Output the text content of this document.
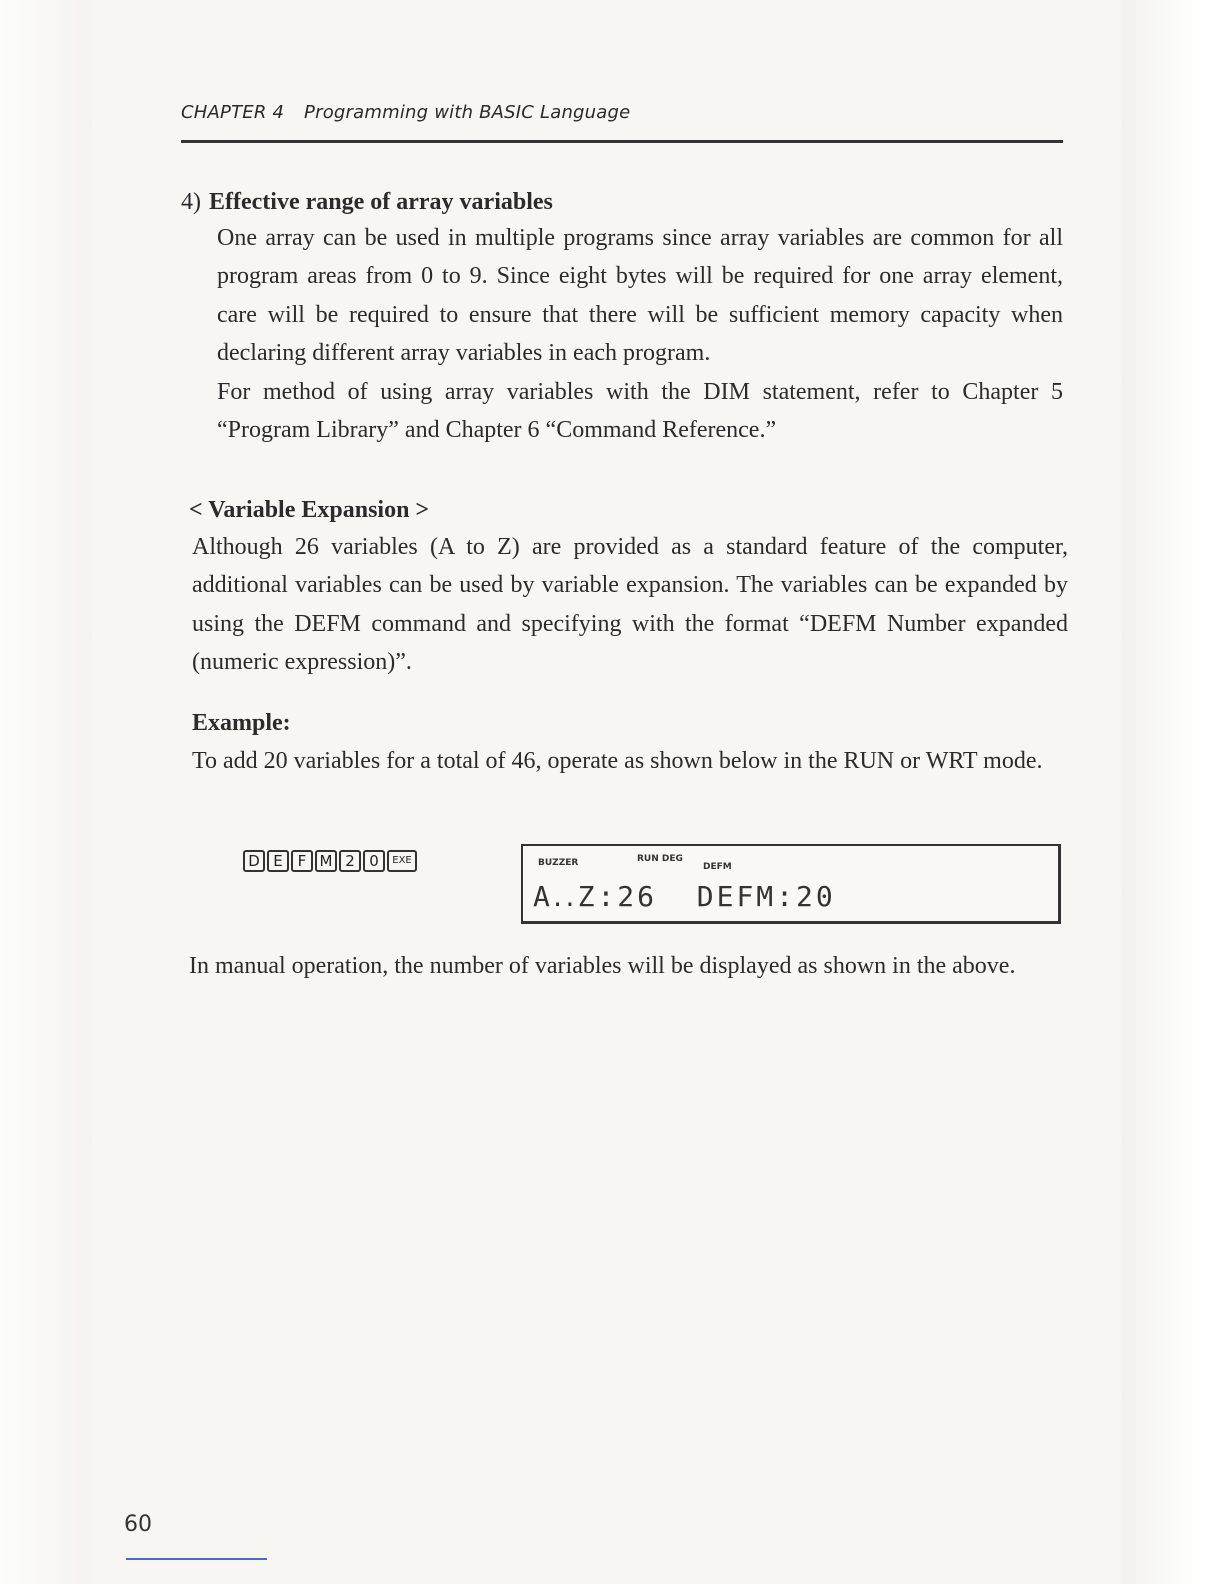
CHAPTER 4 Programming with BASIC Language
4) Effective range of array variables

One array can be used in multiple programs since array variables are common for all program areas from 0 to 9. Since eight bytes will be required for one array element, care will be required to ensure that there will be sufficient memory capacity when declaring different array variables in each program.

For method of using array variables with the DIM statement, refer to Chapter 5 “Program Library” and Chapter 6 “Command Reference.”

< Variable Expansion >

Although 26 variables (A to Z) are provided as a standard feature of the computer, additional variables can be used by variable expansion. The variables can be expanded by using the DEFM command and specifying with the format “DEFM Number expanded (numeric expression)”.

Example:

To add 20 variables for a total of 46, operate as shown below in the RUN or WRT mode.

D E F M 2 0	EXE	BUZZER	RUN DEG
DEFM
A․․Z:26  DEFM:20

In manual operation, the number of variables will be displayed as shown in the above.

60
